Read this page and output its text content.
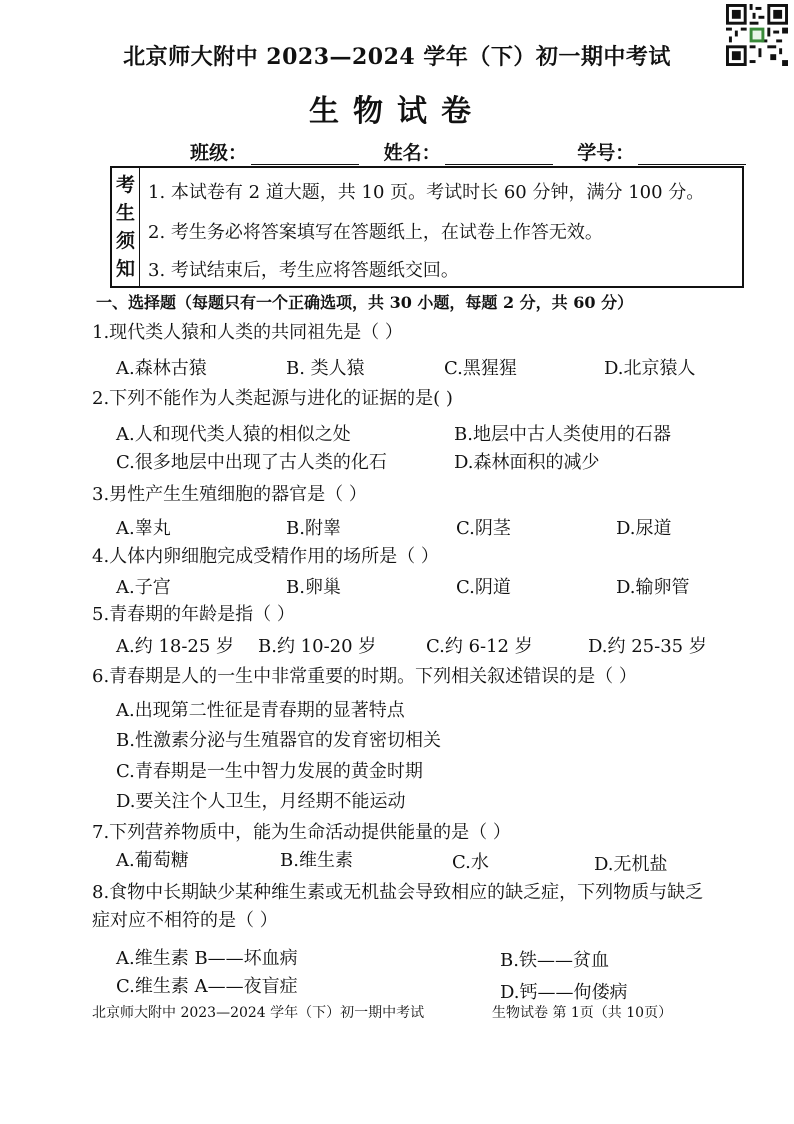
北京师大附中 2023—2024 学年（下）初一期中考试
生物试卷
班级：	姓名：	学号：
考
生
须
知
1. 本试卷有 2 道大题，共 10 页。考试时长 60 分钟，满分 100 分。
2. 考生务必将答案填写在答题纸上，在试卷上作答无效。
3. 考试结束后，考生应将答题纸交回。
一、选择题（每题只有一个正确选项，共 30 小题，每题 2 分，共 60 分）
1.现代类人猿和人类的共同祖先是（ ）
A.森林古猿	B. 类人猿	C.黑猩猩	D.北京猿人
2.下列不能作为人类起源与进化的证据的是( )
A.人和现代类人猿的相似之处	B.地层中古人类使用的石器
C.很多地层中出现了古人类的化石	D.森林面积的减少
3.男性产生生殖细胞的器官是（ ）
A.睾丸	B.附睾	C.阴茎	D.尿道
4.人体内卵细胞完成受精作用的场所是（ ）
A.子宫	B.卵巢	C.阴道	D.输卵管
5.青春期的年龄是指（ ）
A.约 18-25 岁 B.约 10-20 岁	C.约 6-12 岁	D.约 25-35 岁
6.青春期是人的一生中非常重要的时期。下列相关叙述错误的是（ ）
A.出现第二性征是青春期的显著特点
B.性激素分泌与生殖器官的发育密切相关
C.青春期是一生中智力发展的黄金时期
D.要关注个人卫生，月经期不能运动
7.下列营养物质中，能为生命活动提供能量的是（ ）
A.葡萄糖	B.维生素	C.水	D.无机盐
8.食物中长期缺少某种维生素或无机盐会导致相应的缺乏症，下列物质与缺乏
症对应不相符的是（ ）
A.维生素 B——坏血病	B.铁——贫血
C.维生素 A——夜盲症	D.钙——佝偻病
北京师大附中 2023—2024 学年（下）初一期中考试	生物试卷 第 1页（共 10页）
